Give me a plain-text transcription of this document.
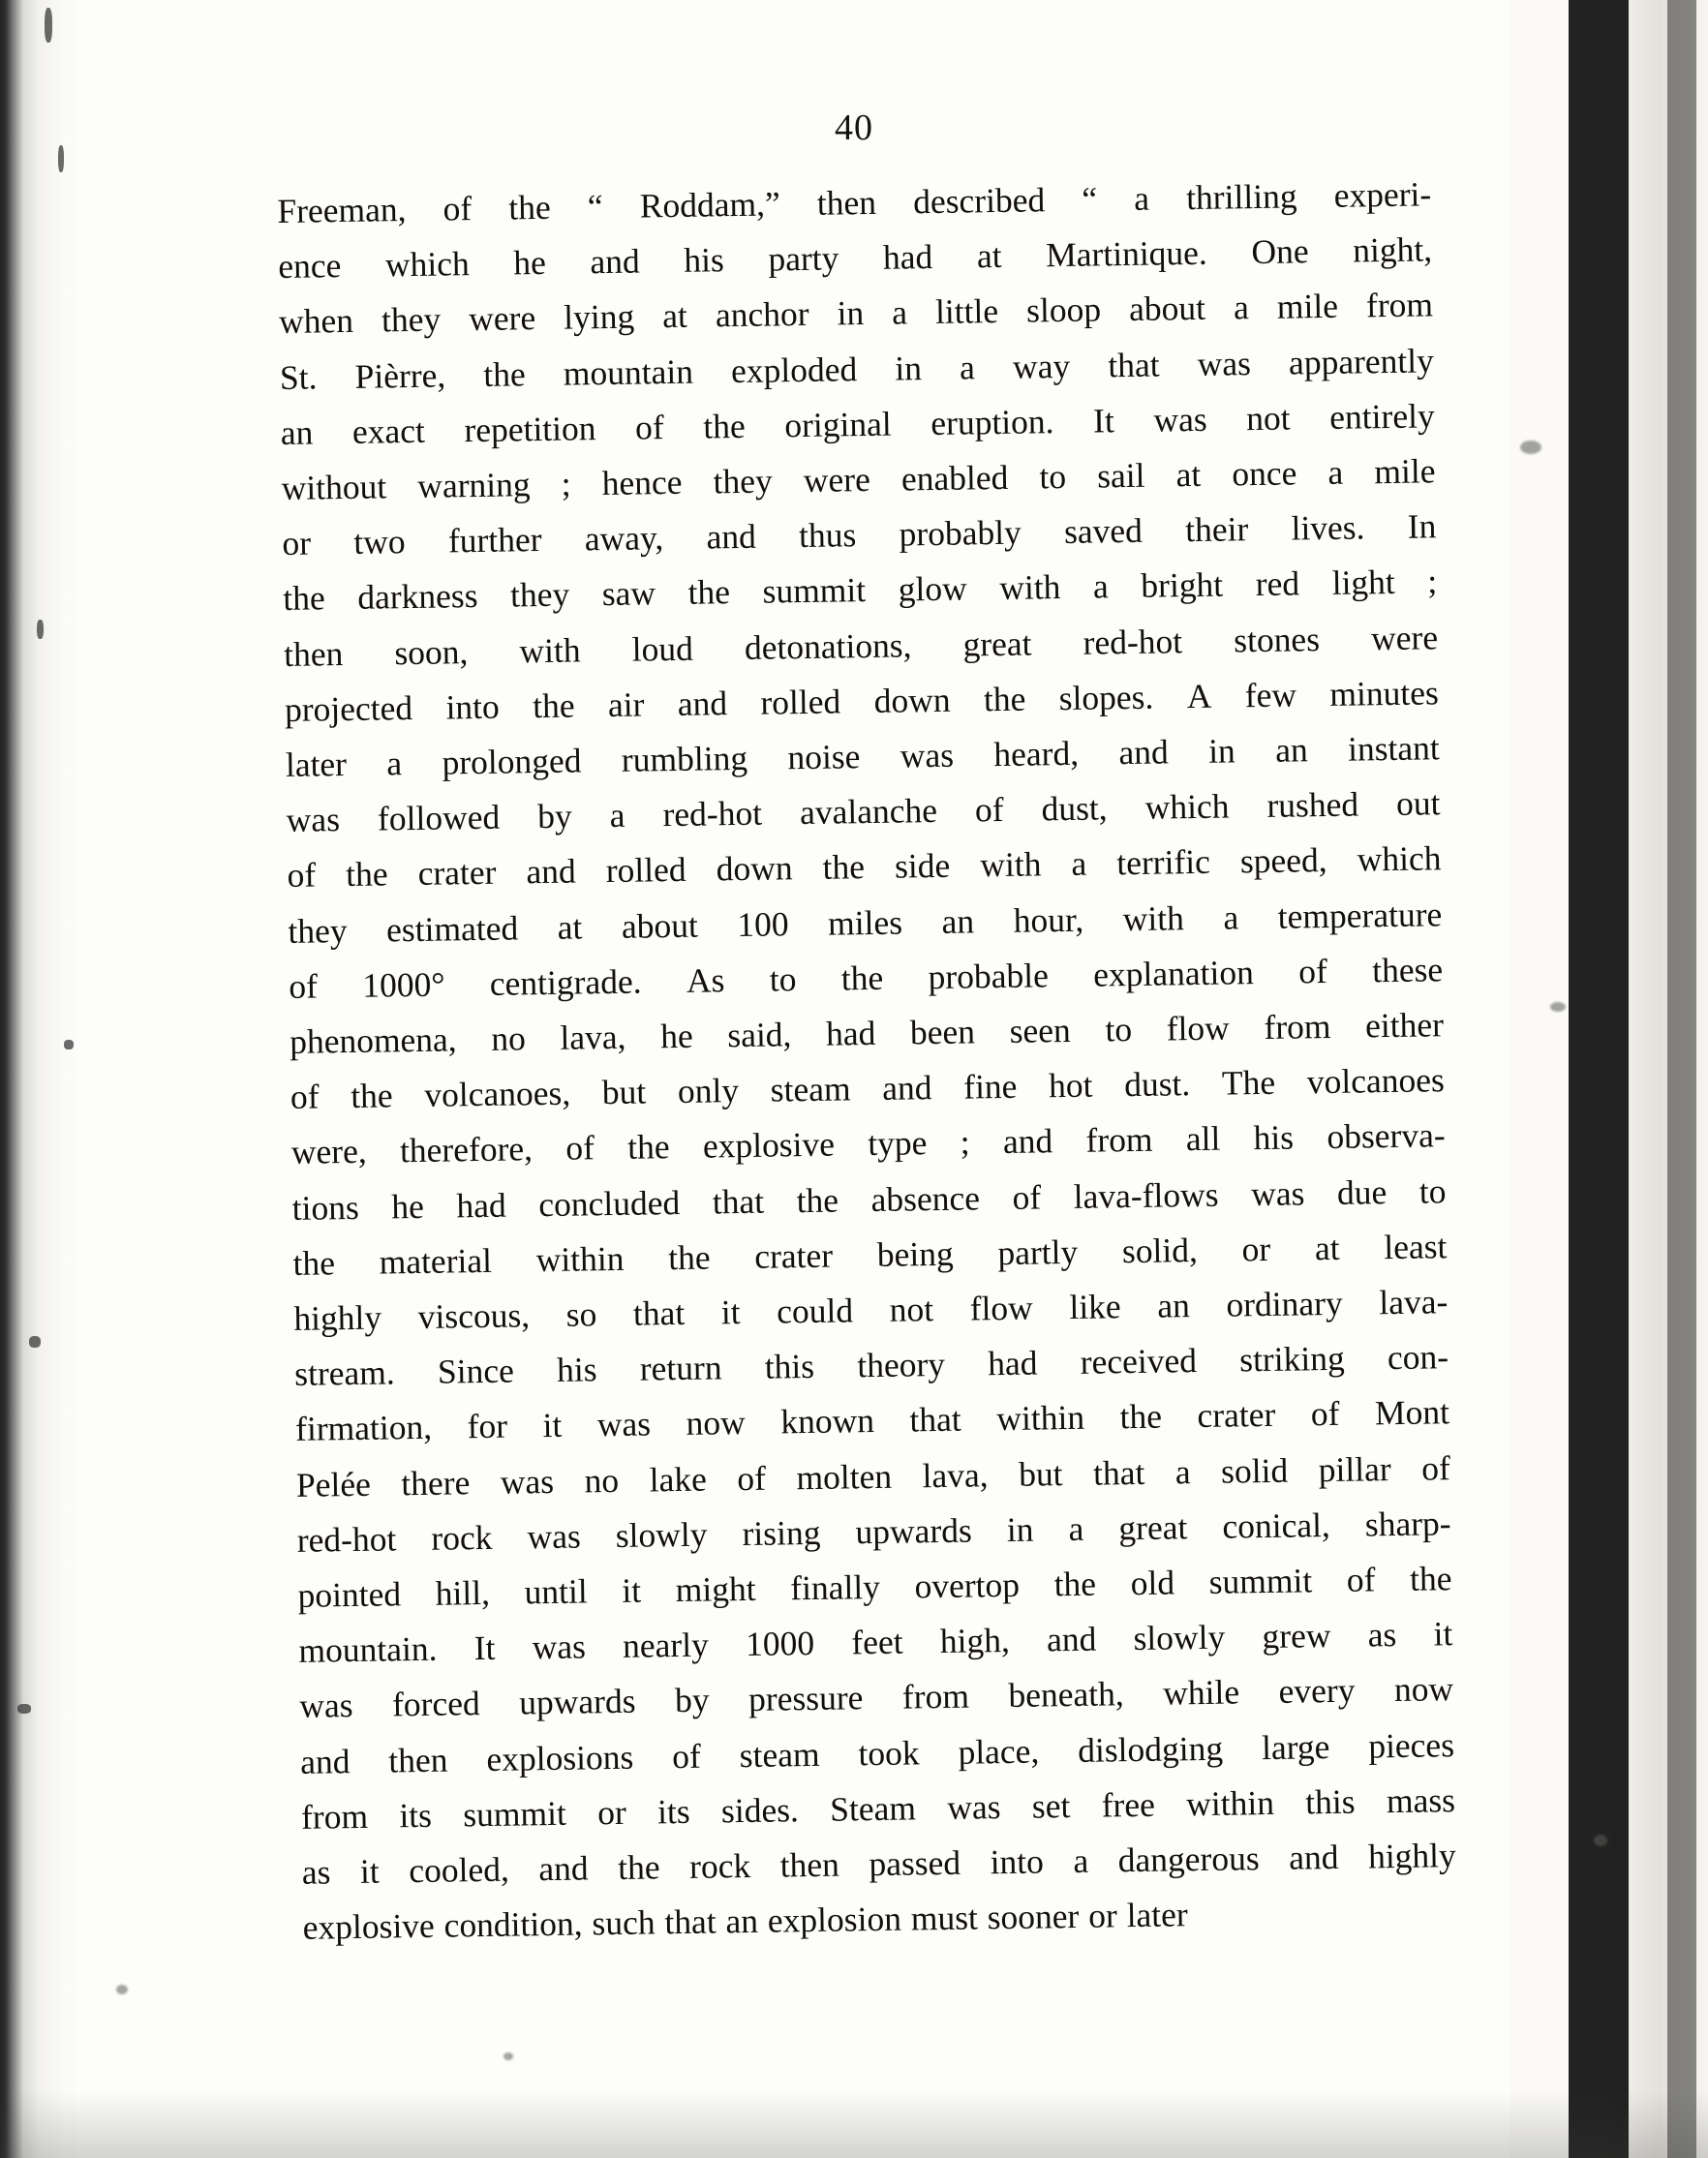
40

Freeman, of the “ Roddam,” then described “ a thrilling experi-
ence which he and his party had at Martinique. One night,
when they were lying at anchor in a little sloop about a mile from
St. Pièrre, the mountain exploded in a way that was apparently
an exact repetition of the original eruption. It was not entirely
without warning ; hence they were enabled to sail at once a mile
or two further away, and thus probably saved their lives. In
the darkness they saw the summit glow with a bright red light ;
then soon, with loud detonations, great red-hot stones were
projected into the air and rolled down the slopes. A few minutes
later a prolonged rumbling noise was heard, and in an instant
was followed by a red-hot avalanche of dust, which rushed out
of the crater and rolled down the side with a terrific speed, which
they estimated at about 100 miles an hour, with a temperature
of 1000° centigrade. As to the probable explanation of these
phenomena, no lava, he said, had been seen to flow from either
of the volcanoes, but only steam and fine hot dust. The volcanoes
were, therefore, of the explosive type ; and from all his observa-
tions he had concluded that the absence of lava-flows was due to
the material within the crater being partly solid, or at least
highly viscous, so that it could not flow like an ordinary lava-
stream. Since his return this theory had received striking con-
firmation, for it was now known that within the crater of Mont
Pelée there was no lake of molten lava, but that a solid pillar of
red-hot rock was slowly rising upwards in a great conical, sharp-
pointed hill, until it might finally overtop the old summit of the
mountain. It was nearly 1000 feet high, and slowly grew as it
was forced upwards by pressure from beneath, while every now
and then explosions of steam took place, dislodging large pieces
from its summit or its sides. Steam was set free within this mass
as it cooled, and the rock then passed into a dangerous and highly
explosive condition, such that an explosion must sooner or later
